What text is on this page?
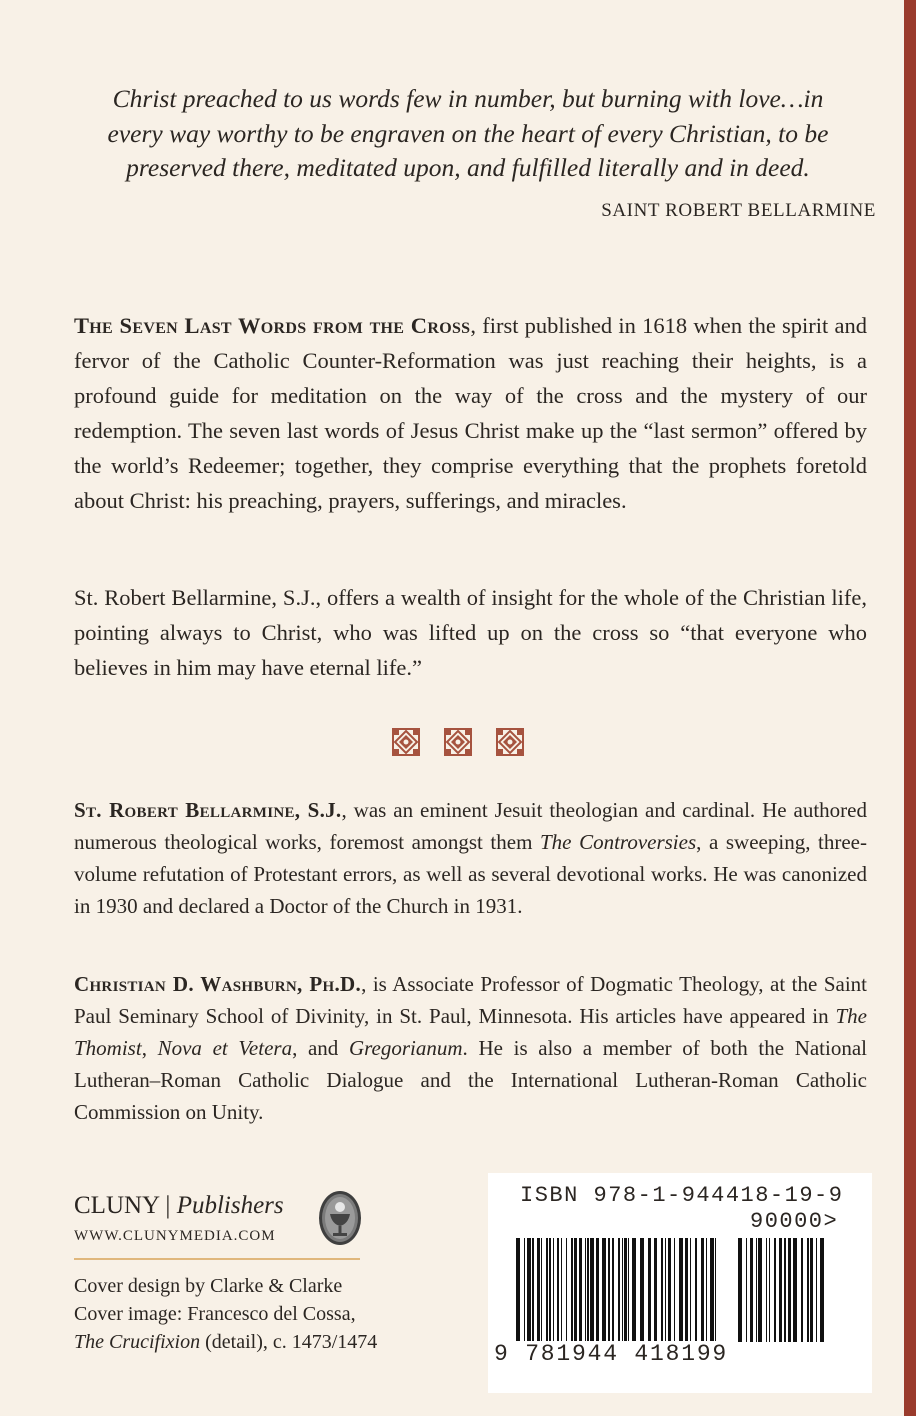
Christ preached to us words few in number, but burning with love…in

every way worthy to be engraven on the heart of every Christian, to be

preserved there, meditated upon, and fulfilled literally and in deed.

SAINT ROBERT BELLARMINE

The Seven Last Words from the Cross, first published in 1618 when the spirit and fervor of the Catholic Counter-Reformation was just reaching their heights, is a profound guide for meditation on the way of the cross and the mystery of our redemption. The seven last words of Jesus Christ make up the “last sermon” offered by the world’s Redeemer; together, they comprise everything that the prophets foretold about Christ: his preaching, prayers, sufferings, and miracles.

St. Robert Bellarmine, S.J., offers a wealth of insight for the whole of the Christian life, pointing always to Christ, who was lifted up on the cross so “that everyone who believes in him may have eternal life.”

St. Robert Bellarmine, S.J., was an eminent Jesuit theologian and cardinal. He authored numerous theological works, foremost amongst them The Controversies, a sweeping, three-volume refutation of Protestant errors, as well as several devotional works. He was canonized in 1930 and declared a Doctor of the Church in 1931.

Christian D. Washburn, Ph.D., is Associate Professor of Dogmatic Theology, at the Saint Paul Seminary School of Divinity, in St. Paul, Minnesota. His articles have appeared in The Thomist, Nova et Vetera, and Gregorianum. He is also a member of both the National Lutheran–Roman Catholic Dialogue and the International Lutheran-Roman Catholic Commission on Unity.

CLUNY | Publishers
WWW.CLUNYMEDIA.COM
Cover design by Clarke & Clarke
Cover image: Francesco del Cossa,
The Crucifixion (detail), c. 1473/1474
ISBN 978-1-944418-19-9
90000>
9 781944 418199
